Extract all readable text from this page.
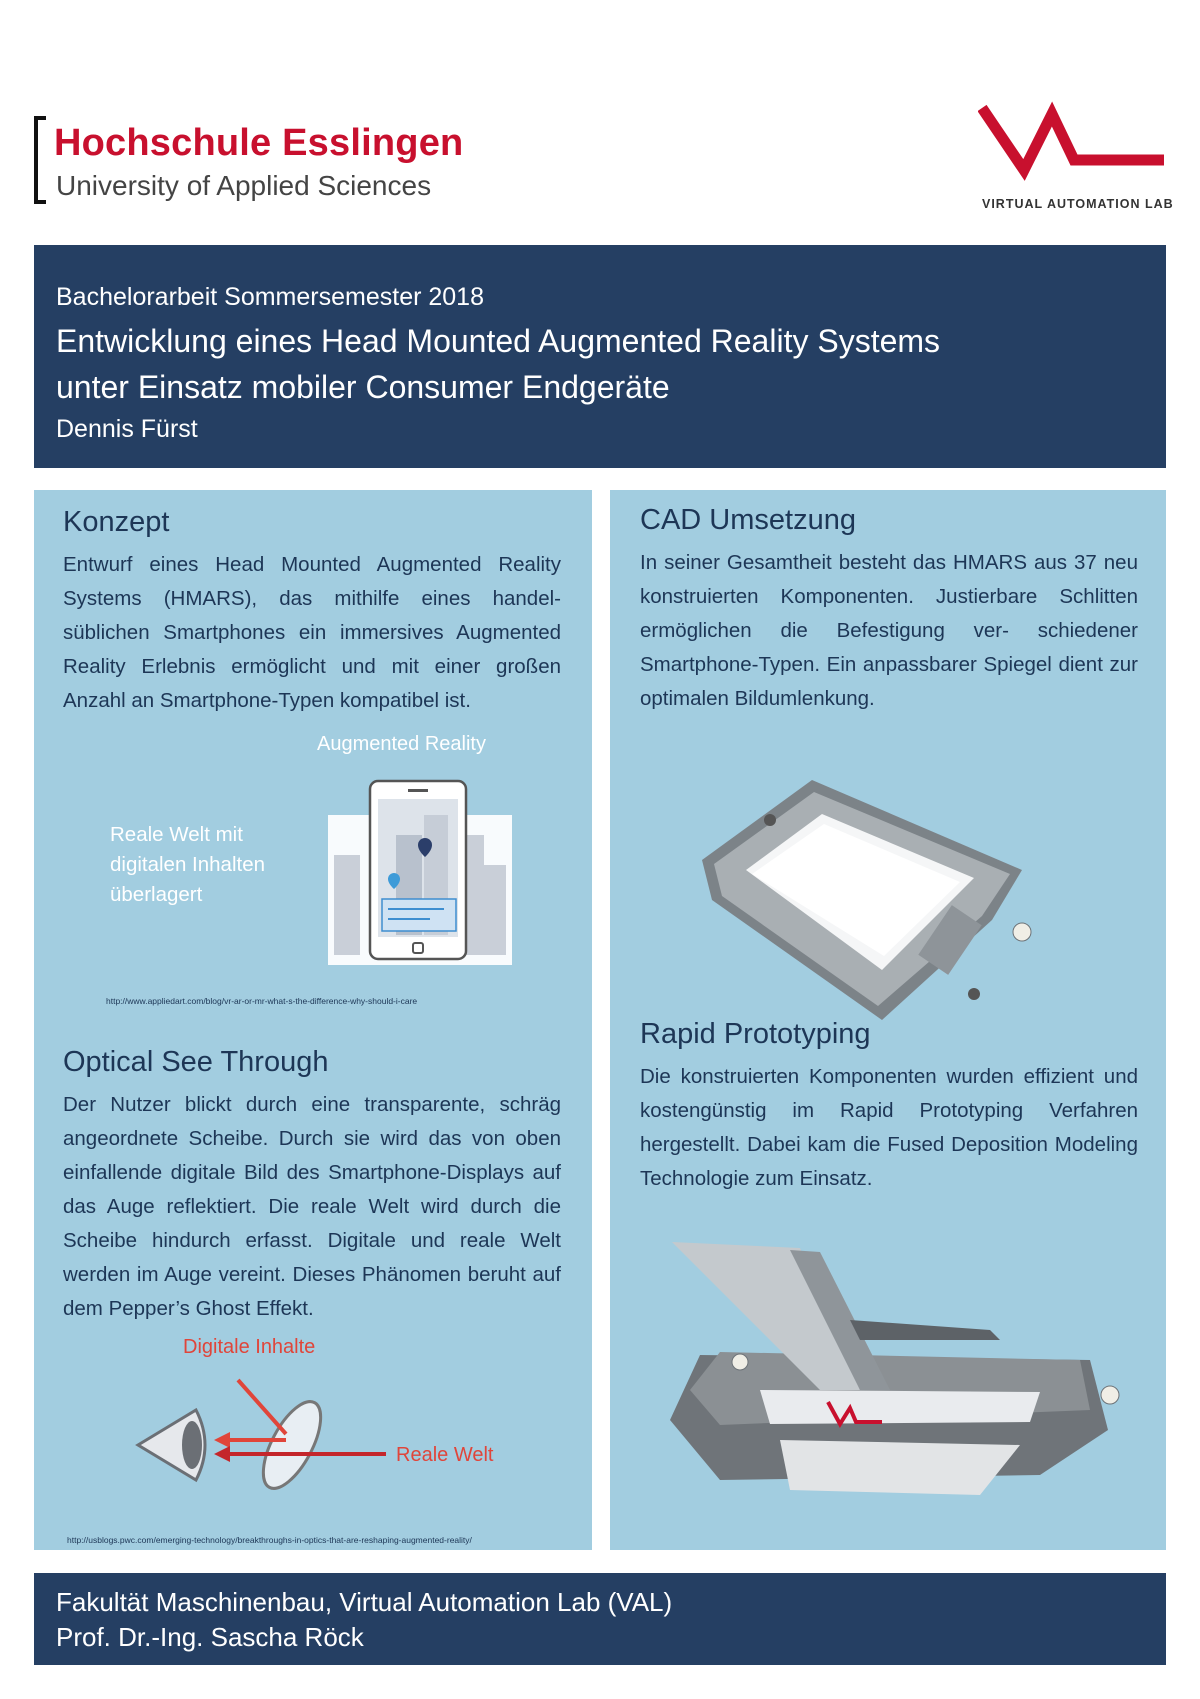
Hochschule Esslingen
University of Applied Sciences
VIRTUAL AUTOMATION LAB
Bachelorarbeit Sommersemester 2018
Entwicklung eines Head Mounted Augmented Reality Systems
unter Einsatz mobiler Consumer Endgeräte
Dennis Fürst
Konzept
Entwurf eines Head Mounted Augmented Reality Systems (HMARS), das mithilfe eines handel- süblichen Smartphones ein immersives Augmented Reality Erlebnis ermöglicht und mit einer großen Anzahl an Smartphone-Typen kompatibel ist.
Augmented Reality
Reale Welt mit
digitalen Inhalten
überlagert
http://www.appliedart.com/blog/vr-ar-or-mr-what-s-the-difference-why-should-i-care
Optical See Through
Der Nutzer blickt durch eine transparente, schräg angeordnete Scheibe. Durch sie wird das von oben einfallende digitale Bild des Smartphone-Displays auf das Auge reflektiert. Die reale Welt wird durch die Scheibe hindurch erfasst. Digitale und reale Welt werden im Auge vereint. Dieses Phänomen beruht auf dem Pepper’s Ghost Effekt.
Digitale Inhalte
Reale Welt
http://usblogs.pwc.com/emerging-technology/breakthroughs-in-optics-that-are-reshaping-augmented-reality/
CAD Umsetzung
In seiner Gesamtheit besteht das HMARS aus 37 neu konstruierten Komponenten. Justierbare Schlitten ermöglichen die Befestigung ver- schiedener Smartphone-Typen. Ein anpassbarer Spiegel dient zur optimalen Bildumlenkung.
Rapid Prototyping
Die konstruierten Komponenten wurden effizient und kostengünstig im Rapid Prototyping Verfahren hergestellt. Dabei kam die Fused Deposition Modeling Technologie zum Einsatz.
Fakultät Maschinenbau, Virtual Automation Lab (VAL)
Prof. Dr.-Ing. Sascha Röck
